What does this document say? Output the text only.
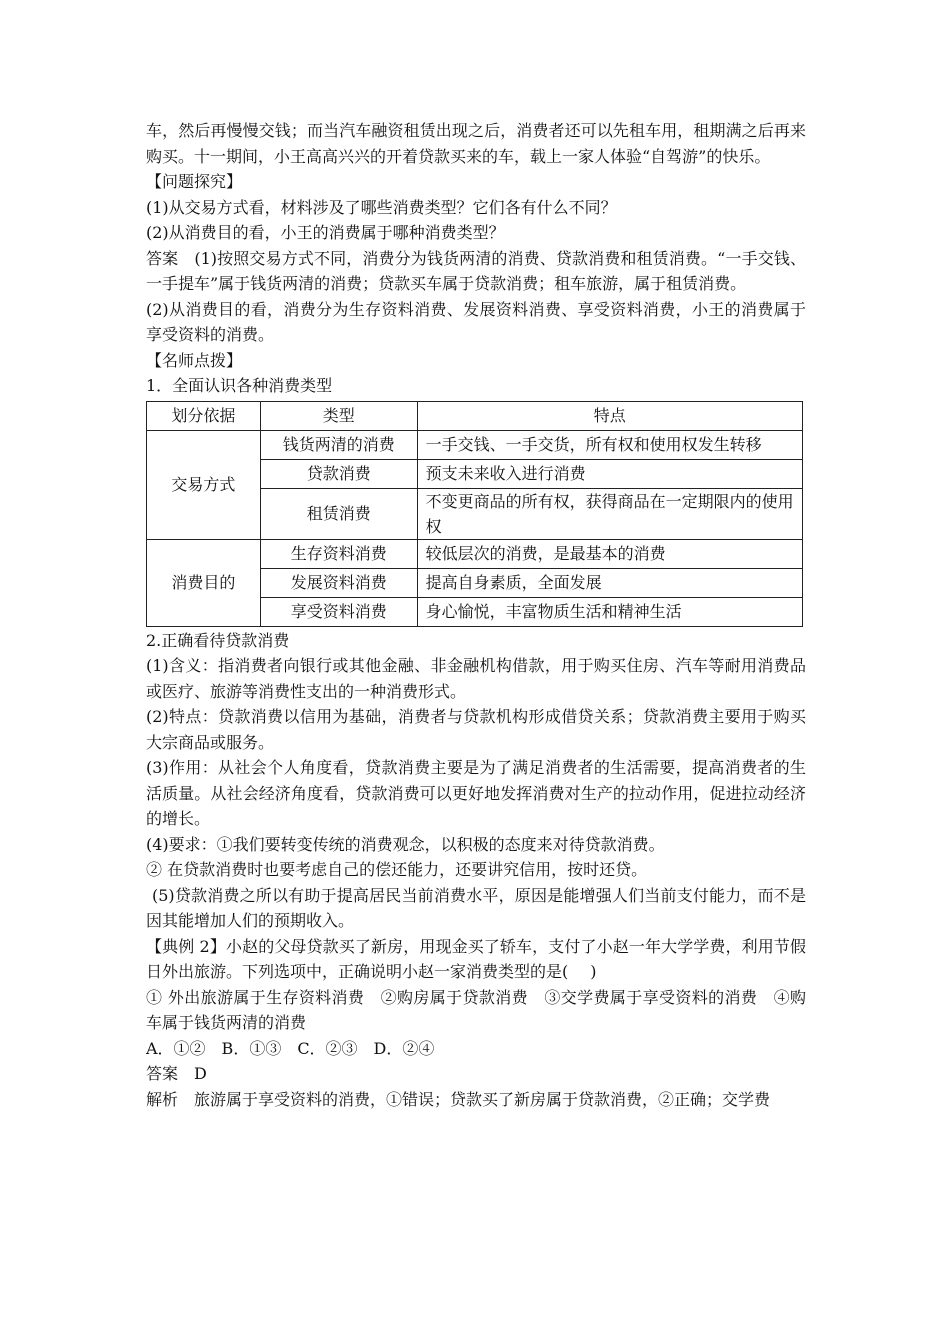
车，然后再慢慢交钱；而当汽车融资租赁出现之后，消费者还可以先租车用，租期满之后再来购买。十一期间，小王高高兴兴的开着贷款买来的车，载上一家人体验“自驾游”的快乐。

【问题探究】

(1)从交易方式看，材料涉及了哪些消费类型？它们各有什么不同？

(2)从消费目的看，小王的消费属于哪种消费类型？

答案　(1)按照交易方式不同，消费分为钱货两清的消费、贷款消费和租赁消费。“一手交钱、一手提车”属于钱货两清的消费；贷款买车属于贷款消费；租车旅游，属于租赁消费。

(2)从消费目的看，消费分为生存资料消费、发展资料消费、享受资料消费，小王的消费属于享受资料的消费。

【名师点拨】

1．全面认识各种消费类型

划分依据	类型	特点
交易方式	钱货两清的消费	一手交钱、一手交货，所有权和使用权发生转移
	贷款消费	预支未来收入进行消费
	租赁消费	不变更商品的所有权，获得商品在一定期限内的使用权
消费目的	生存资料消费	较低层次的消费，是最基本的消费
	发展资料消费	提高自身素质，全面发展
	享受资料消费	身心愉悦，丰富物质生活和精神生活

2.正确看待贷款消费

(1)含义：指消费者向银行或其他金融、非金融机构借款，用于购买住房、汽车等耐用消费品或医疗、旅游等消费性支出的一种消费形式。

(2)特点：贷款消费以信用为基础，消费者与贷款机构形成借贷关系；贷款消费主要用于购买大宗商品或服务。

(3)作用：从社会个人角度看，贷款消费主要是为了满足消费者的生活需要，提高消费者的生活质量。从社会经济角度看，贷款消费可以更好地发挥消费对生产的拉动作用，促进拉动经济的增长。

(4)要求：①我们要转变传统的消费观念，以积极的态度来对待贷款消费。

② 在贷款消费时也要考虑自己的偿还能力，还要讲究信用，按时还贷。

(5)贷款消费之所以有助于提高居民当前消费水平，原因是能增强人们当前支付能力，而不是因其能增加人们的预期收入。

【典例 2】小赵的父母贷款买了新房，用现金买了轿车，支付了小赵一年大学学费，利用节假日外出旅游。下列选项中，正确说明小赵一家消费类型的是( )

① 外出旅游属于生存资料消费　②购房属于贷款消费　③交学费属于享受资料的消费　④购车属于钱货两清的消费

A．①②　B．①③　C．②③　D．②④

答案　D

解析　旅游属于享受资料的消费，①错误；贷款买了新房属于贷款消费，②正确；交学费
